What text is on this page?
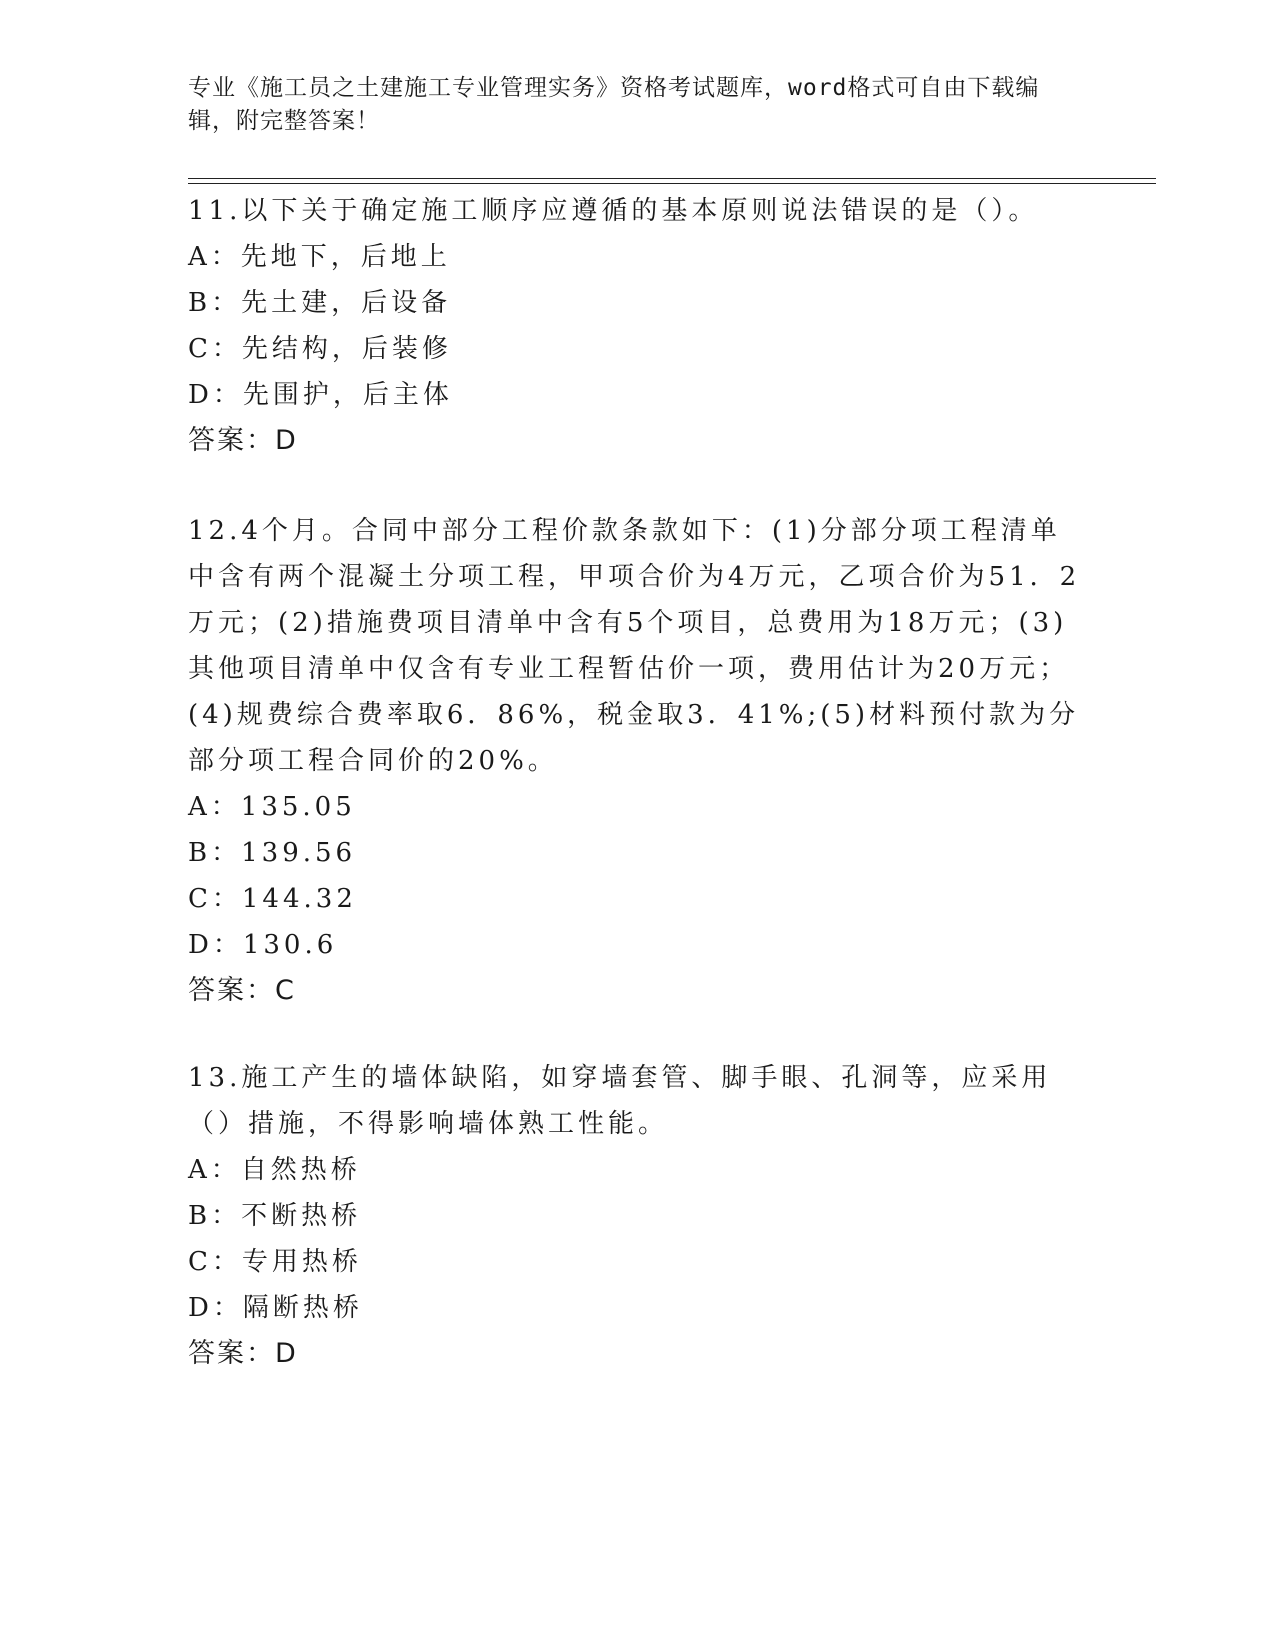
专业《施工员之土建施工专业管理实务》资格考试题库，word格式可自由下载编辑，附完整答案！
11.以下关于确定施工顺序应遵循的基本原则说法错误的是（）。
A：先地下，后地上
B：先土建，后设备
C：先结构，后装修
D：先围护，后主体
答案：D
12.4个月。合同中部分工程价款条款如下：(1)分部分项工程清单中含有两个混凝土分项工程，甲项合价为4万元，乙项合价为51．2万元；(2)措施费项目清单中含有5个项目，总费用为18万元；(3)其他项目清单中仅含有专业工程暂估价一项，费用估计为20万元；(4)规费综合费率取6．86%，税金取3．41%;(5)材料预付款为分部分项工程合同价的20%。
A：135.05
B：139.56
C：144.32
D：130.6
答案：C
13.施工产生的墙体缺陷，如穿墙套管、脚手眼、孔洞等，应采用（）措施，不得影响墙体熟工性能。
A：自然热桥
B：不断热桥
C：专用热桥
D：隔断热桥
答案：D
